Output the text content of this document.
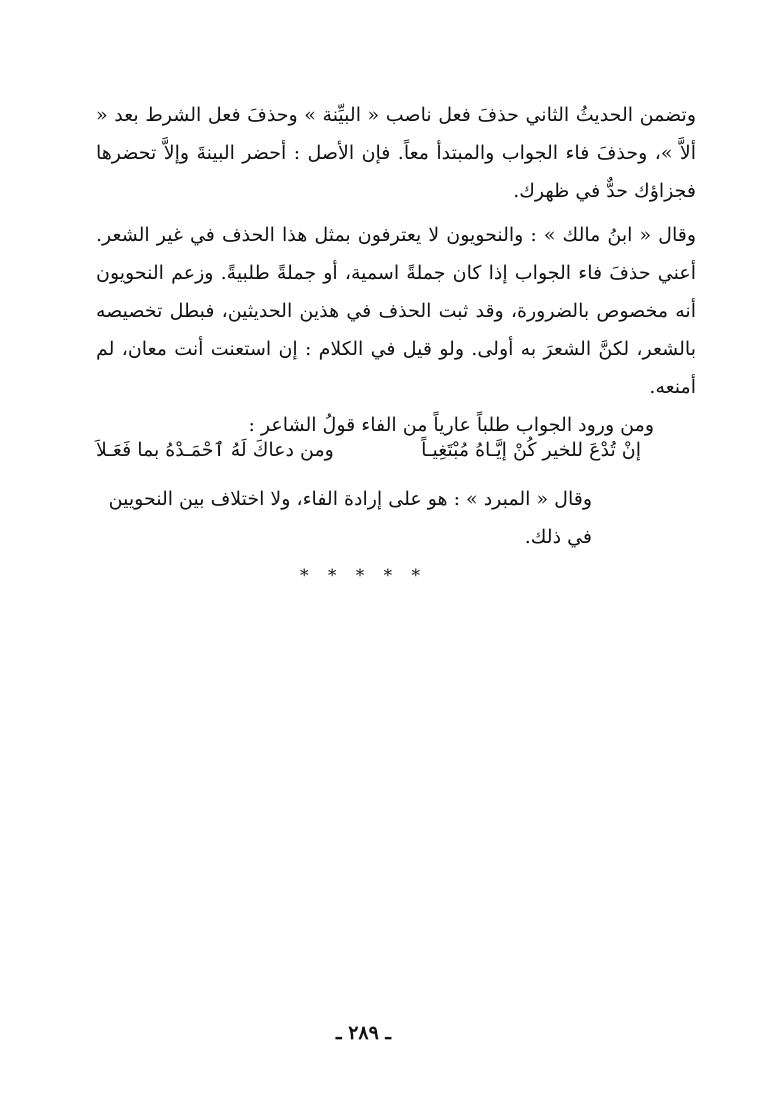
وتضمن الحديثُ الثاني حذفَ فعل ناصب « البيِّنة » وحذفَ فعل الشرط بعد « ألاَّ »، وحذفَ فاء الجواب والمبتدأ معاً. فإن الأصل : أحضر البينةَ وإلاَّ تحضرها فجزاؤك حدٌّ في ظهرك.

وقال « ابنُ مالك » : والنحويون لا يعترفون بمثل هذا الحذف في غير الشعر. أعني حذفَ فاء الجواب إذا كان جملةً اسمية، أو جملةً طلبيةً. وزعم النحويون أنه مخصوص بالضرورة، وقد ثبت الحذف في هذين الحديثين، فبطل تخصيصه بالشعر، لكنَّ الشعرَ به أولى. ولو قيل في الكلام : إن استعنت أنت معان، لم أمنعه.

ومن ورود الجواب طلباً عارياً من الفاء قولُ الشاعر :

إنْ تُدْعَ للخير كُنْ إيَّـاهُ مُبْتَغِيـاً
ومن دعاكَ لَهُ ٱحْمَـدْهُ بما فَعَـلاَ

وقال « المبرد » : هو على إرادة الفاء، ولا اختلاف بين النحويين في ذلك.

* * * * *
ـ ٢٨٩ ـ
